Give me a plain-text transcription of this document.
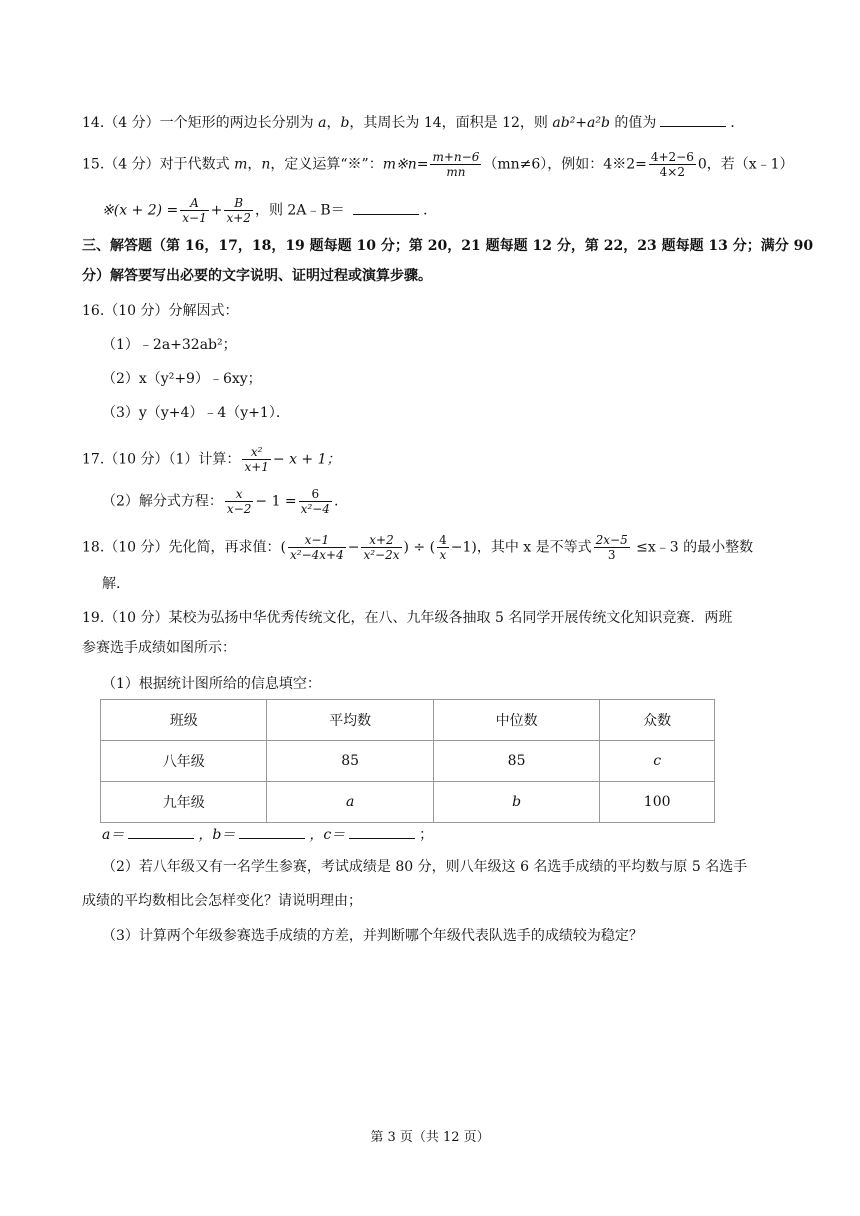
14.（4 分）一个矩形的两边长分别为 a，b，其周长为 14，面积是 12，则 ab²+a²b 的值为	．
15.（4 分）对于代数式 m，n，定义运算“※”：m※n= $\frac{m+n-6}{mn} (mn\ne 6)$，例如：4※2= $\frac{4+2-6}{4\times 2} 0$，若（x﹣1）
※(x + $2) = \frac{A}{x-1} + \frac{B}{x+2}$ ，则 2A﹣B＝	．
三、解答题（第 16，17，18，19 题每题 10 分；第 20，21 题每题 12 分，第 22，23 题每题 13 分；满分 90
分）解答要写出必要的文字说明、证明过程或演算步骤。
16.（10 分）分解因式：
（1）﹣2a+32ab²；
（2）x（y²+9）﹣6xy；
（3）y（y+4）﹣4（y+1）．
17.（10 分）（1）计算： $\frac{\text{x²}}{x+1} - x + 1$；
（2）解分式方程： $\frac{x}{x-2} - 1 = \frac{6}{\text{x²−4}}$ .
18.（10 分）先化简，再求值：( $\frac{x-1}{\text{x²−4x+4}} - \frac{x+2}{\text{x²−2x}}$ ) ÷ ( $\frac{4}{x} -1$)，其中 x 是不等式 $\frac{2x-5}{3}$ ≤x﹣3 的最小整数
解.
19.（10 分）某校为弘扬中华优秀传统文化，在八、九年级各抽取 5 名同学开展传统文化知识竞赛．两班
参赛选手成绩如图所示：
（1）根据统计图所给的信息填空：
班级	平均数	中位数	众数
八年级	85	85	c
九年级	a	b	100
a＝	，b＝	，c＝	；
（2）若八年级又有一名学生参赛，考试成绩是 80 分，则八年级这 6 名选手成绩的平均数与原 5 名选手
成绩的平均数相比会怎样变化？请说明理由；
（3）计算两个年级参赛选手成绩的方差，并判断哪个年级代表队选手的成绩较为稳定？
第 3 页（共 12 页）
